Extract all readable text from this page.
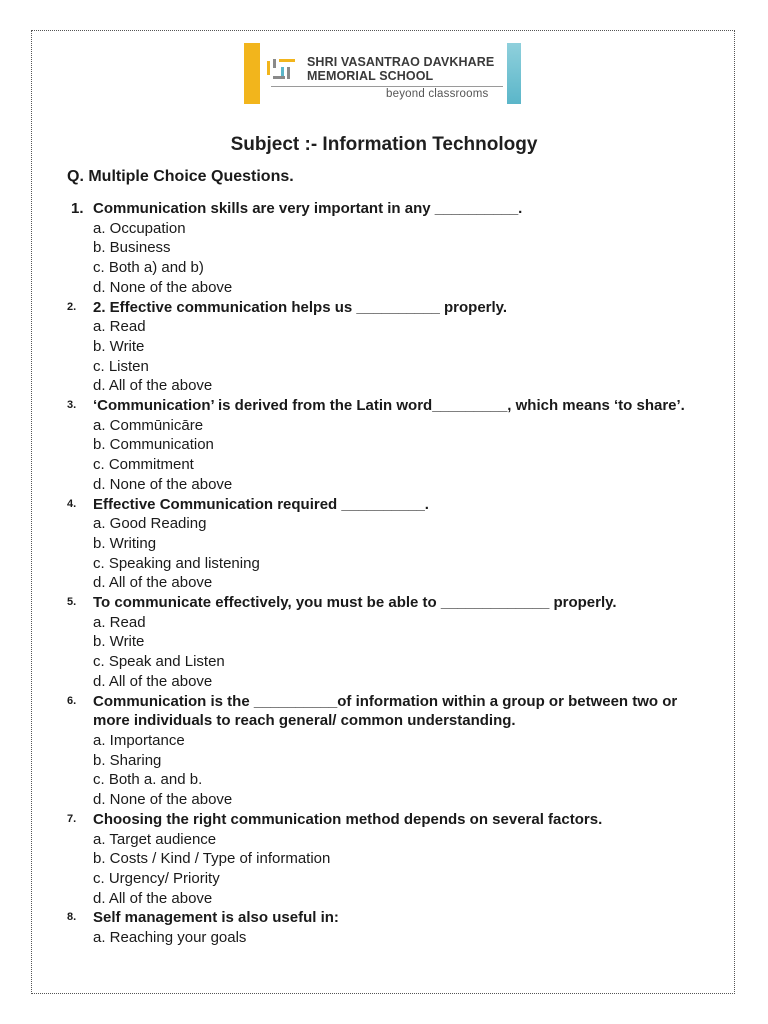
SHRI VASANTRAO DAVKHARE
MEMORIAL SCHOOL
beyond classrooms
Subject :- Information Technology
Q. Multiple Choice Questions.
1. Communication skills are very important in any __________.
a. Occupation
b. Business
c. Both a) and b)
d. None of the above
2.	2. Effective communication helps us __________ properly.
a. Read
b. Write
c. Listen
d. All of the above
3.	‘Communication’ is derived from the Latin word_________, which means ‘to share’.
a. Commūnicāre
b. Communication
c. Commitment
d. None of the above
4.	Effective Communication required __________.
a. Good Reading
b. Writing
c. Speaking and listening
d. All of the above
5.	To communicate effectively, you must be able to _____________ properly.
a. Read
b. Write
c. Speak and Listen
d. All of the above
6.	Communication is the __________of information within a group or between two or more individuals to reach general/ common understanding.
a. Importance
b. Sharing
c. Both a. and b.
d. None of the above
7.	Choosing the right communication method depends on several factors.
a. Target audience
b. Costs / Kind / Type of information
c. Urgency/ Priority
d. All of the above
8.	Self management is also useful in:
a. Reaching your goals
